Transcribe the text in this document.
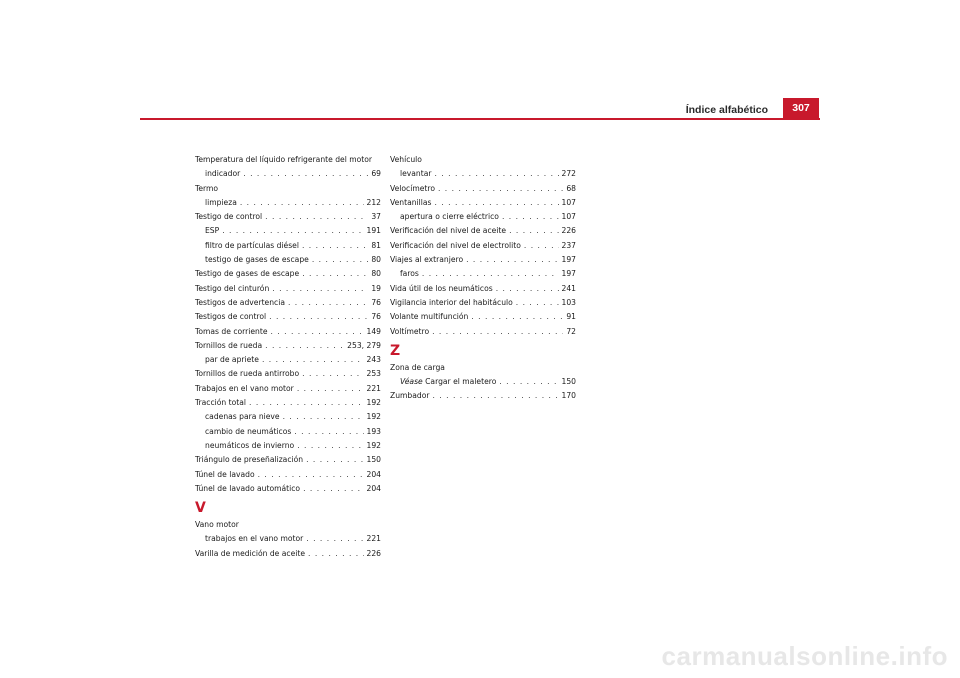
Índice alfabético	307
Temperatura del líquido refrigerante del motor
indicador . . .	69
Termo
limpieza . . .	212
Testigo de control . . .	37
ESP . . .	191
filtro de partículas diésel . . .	81
testigo de gases de escape . . .	80
Testigo de gases de escape . . .	80
Testigo del cinturón . . .	19
Testigos de advertencia . . .	76
Testigos de control . . .	76
Tomas de corriente . . .	149
Tornillos de rueda . . .	253, 279
par de apriete . . .	243
Tornillos de rueda antirrobo . . .	253
Trabajos en el vano motor . . .	221
Tracción total . . .	192
cadenas para nieve . . .	192
cambio de neumáticos . . .	193
neumáticos de invierno . . .	192
Triángulo de preseñalización . . .	150
Túnel de lavado . . .	204
Túnel de lavado automático . . .	204
V
Vano motor
trabajos en el vano motor . . .	221
Varilla de medición de aceite . . .	226
Vehículo
levantar . . .	272
Velocímetro . . .	68
Ventanillas . . .	107
apertura o cierre eléctrico . . .	107
Verificación del nivel de aceite . . .	226
Verificación del nivel de electrolito . . .	237
Viajes al extranjero . . .	197
faros . . .	197
Vida útil de los neumáticos . . .	241
Vigilancia interior del habitáculo . . .	103
Volante multifunción . . .	91
Voltímetro . . .	72
Z
Zona de carga
Véase Cargar el maletero . . .	150
Zumbador . . .	170
carmanualsonline.info
